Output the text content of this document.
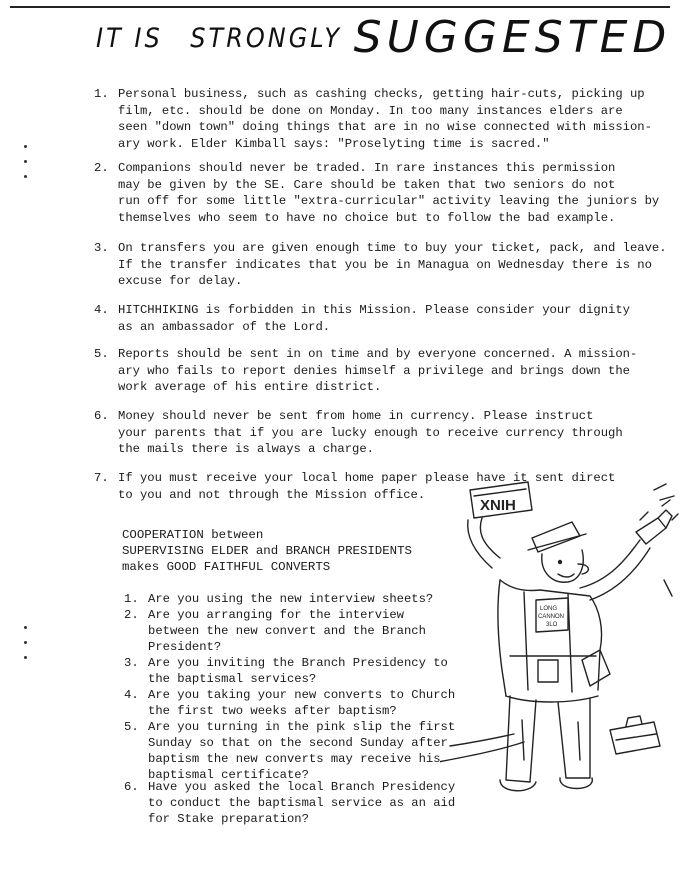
IT IS STRONGLY SUGGESTED
1. Personal business, such as cashing checks, getting hair-cuts, picking up
film, etc. should be done on Monday. In too many instances elders are
seen "down town" doing things that are in no wise connected with mission-
ary work. Elder Kimball says: "Proselyting time is sacred."
2. Companions should never be traded. In rare instances this permission
may be given by the SE. Care should be taken that two seniors do not
run off for some little "extra-curricular" activity leaving the juniors by
themselves who seem to have no choice but to follow the bad example.
3. On transfers you are given enough time to buy your ticket, pack, and leave.
If the transfer indicates that you be in Managua on Wednesday there is no
excuse for delay.
4. HITCHHIKING is forbidden in this Mission. Please consider your dignity
as an ambassador of the Lord.
5. Reports should be sent in on time and by everyone concerned. A mission-
ary who fails to report denies himself a privilege and brings down the
work average of his entire district.
6. Money should never be sent from home in currency. Please instruct
your parents that if you are lucky enough to receive currency through
the mails there is always a charge.
7. If you must receive your local home paper please have it sent direct
to you and not through the Mission office.
COOPERATION between
SUPERVISING ELDER and BRANCH PRESIDENTS
makes GOOD FAITHFUL CONVERTS
1. Are you using the new interview sheets?
2. Are you arranging for the interview
between the new convert and the Branch
President?
3. Are you inviting the Branch Presidency to
the baptismal services?
4. Are you taking your new converts to Church
the first two weeks after baptism?
5. Are you turning in the pink slip the first
Sunday so that on the second Sunday after
baptism the new converts may receive his
baptismal certificate?
6. Have you asked the local Branch Presidency
to conduct the baptismal service as an aid
for Stake preparation?
XNIH
LONG
CANNON
3LO
